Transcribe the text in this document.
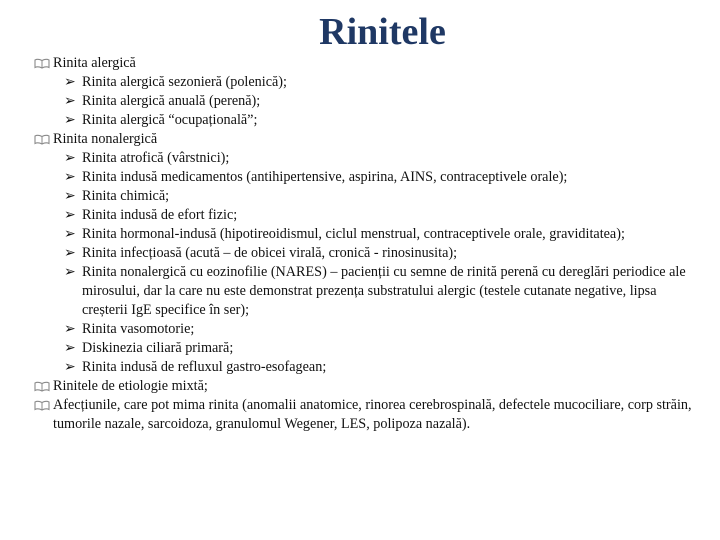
Rinitele
Rinita alergică
➢ Rinita alergică sezonieră (polenică);
➢ Rinita alergică anuală (perenă);
➢ Rinita alergică “ocupațională”;
Rinita nonalergică
➢ Rinita atrofică (vârstnici);
➢ Rinita indusă medicamentos (antihipertensive, aspirina, AINS, contraceptivele orale);
➢ Rinita chimică;
➢ Rinita indusă de efort fizic;
➢ Rinita hormonal-indusă (hipotireoidismul, ciclul menstrual, contraceptivele orale, graviditatea);
➢ Rinita infecțioasă (acută – de obicei virală, cronică - rinosinusita);
➢ Rinita nonalergică cu eozinofilie (NARES) – pacienții cu semne de rinită perenă cu dereglări periodice ale mirosului, dar la care nu este demonstrat prezența substratului alergic (testele cutanate negative, lipsa creșterii IgE specifice în ser);
➢ Rinita vasomotorie;
➢ Diskinezia ciliară primară;
➢ Rinita indusă de refluxul gastro-esofagean;
Rinitele de etiologie mixtă;
Afecțiunile, care pot mima rinita (anomalii anatomice, rinorea cerebrospinală, defectele mucociliare, corp străin, tumorile nazale, sarcoidoza, granulomul Wegener, LES, polipoza nazală).
